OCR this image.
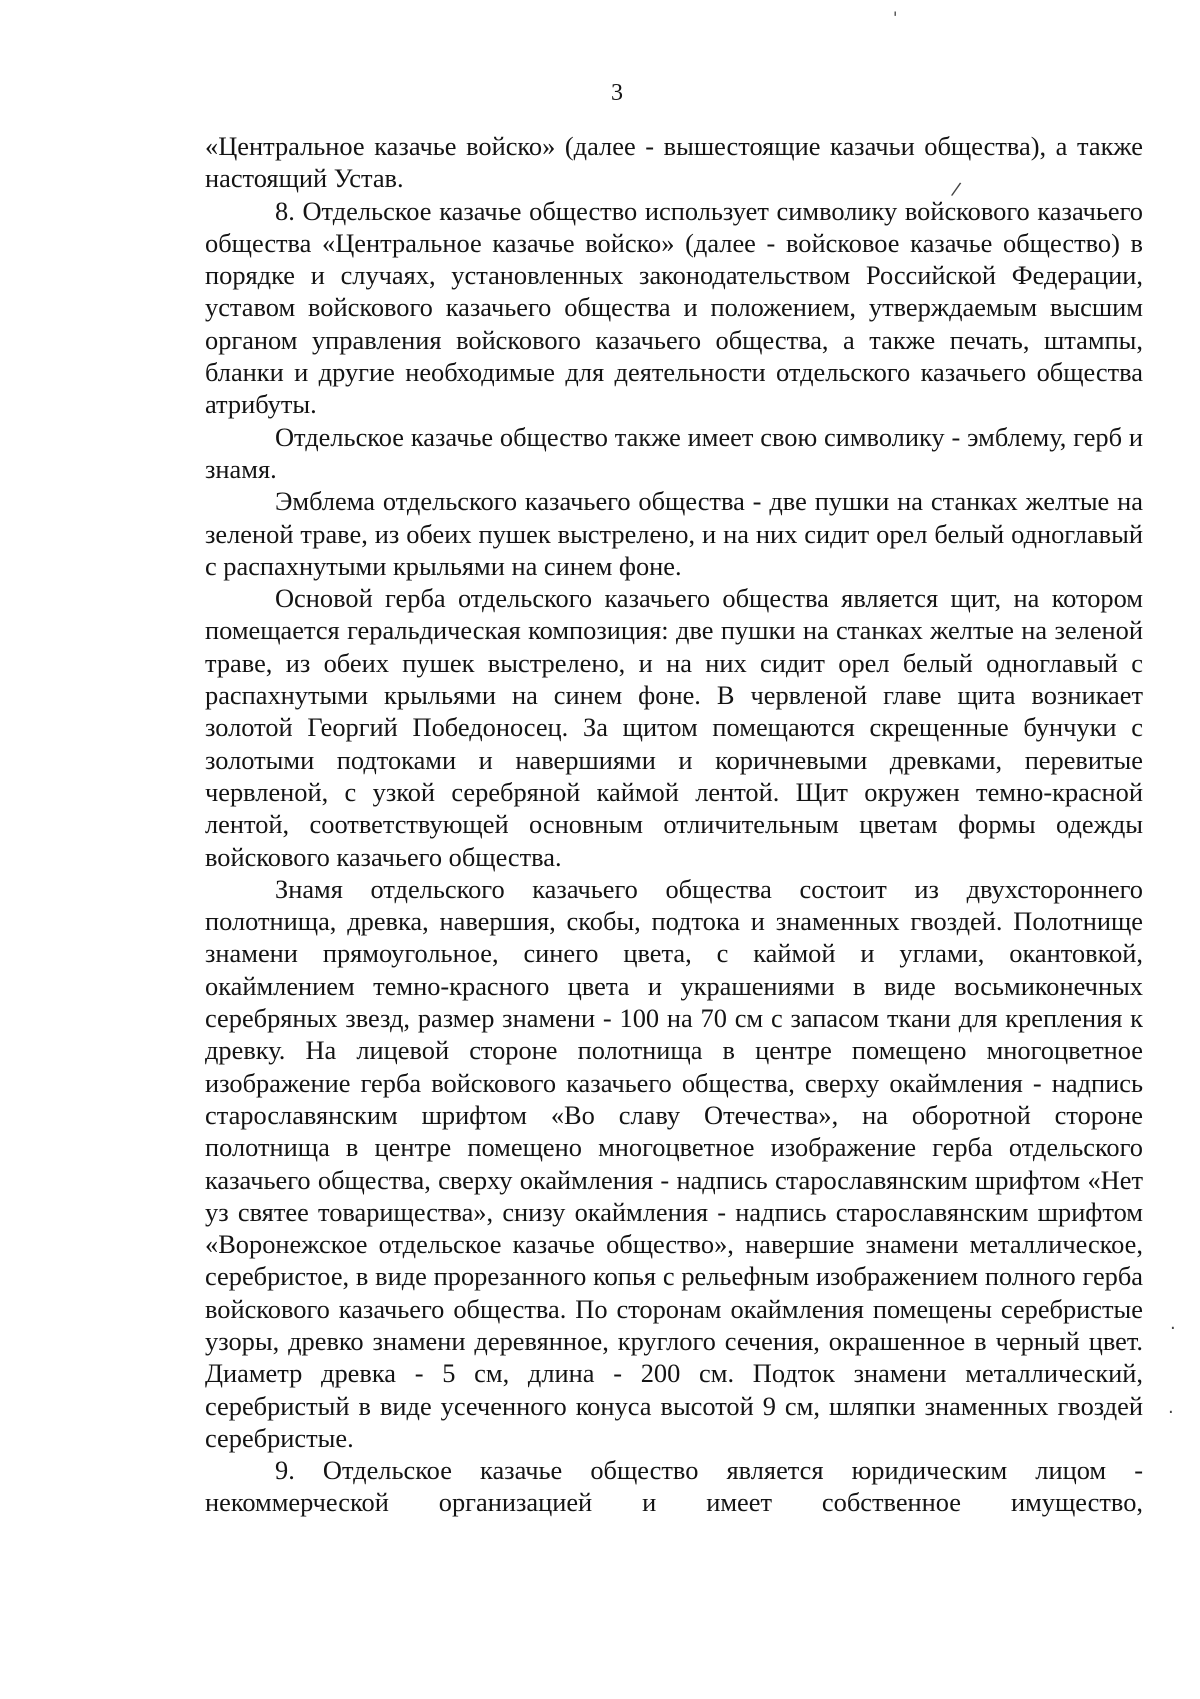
'
3
/

«Центральное казачье войско» (далее - вышестоящие казачьи общества), а также настоящий Устав.

8. Отдельское казачье общество использует символику войскового казачьего общества «Центральное казачье войско» (далее - войсковое казачье общество) в порядке и случаях, установленных законодательством Российской Федерации, уставом войскового казачьего общества и положением, утверждаемым высшим органом управления войскового казачьего общества, а также печать, штампы, бланки и другие необходимые для деятельности отдельского казачьего общества атрибуты.

Отдельское казачье общество также имеет свою символику - эмблему, герб и знамя.

Эмблема отдельского казачьего общества - две пушки на станках желтые на зеленой траве, из обеих пушек выстрелено, и на них сидит орел белый одноглавый с распахнутыми крыльями на синем фоне.

Основой герба отдельского казачьего общества является щит, на котором помещается геральдическая композиция: две пушки на станках желтые на зеленой траве, из обеих пушек выстрелено, и на них сидит орел белый одноглавый с распахнутыми крыльями на синем фоне. В червленой главе щита возникает золотой Георгий Победоносец. За щитом помещаются скрещенные бунчуки с золотыми подтоками и навершиями и коричневыми древками, перевитые червленой, с узкой серебряной каймой лентой. Щит окружен темно-красной лентой, соответствующей основным отличительным цветам формы одежды войскового казачьего общества.

Знамя отдельского казачьего общества состоит из двухстороннего полотнища, древка, навершия, скобы, подтока и знаменных гвоздей. Полотнище знамени прямоугольное, синего цвета, с каймой и углами, окантовкой, окаймлением темно-красного цвета и украшениями в виде восьмиконечных серебряных звезд, размер знамени - 100 на 70 см с запасом ткани для крепления к древку. На лицевой стороне полотнища в центре помещено многоцветное изображение герба войскового казачьего общества, сверху окаймления - надпись старославянским шрифтом «Во славу Отечества», на оборотной стороне полотнища в центре помещено многоцветное изображение герба отдельского казачьего общества, сверху окаймления - надпись старославянским шрифтом «Нет уз святее товарищества», снизу окаймления - надпись старославянским шрифтом «Воронежское отдельское казачье общество», навершие знамени металлическое, серебристое, в виде прорезанного копья с рельефным изображением полного герба войскового казачьего общества. По сторонам окаймления помещены серебристые узоры, древко знамени деревянное, круглого сечения, окрашенное в черный цвет. Диаметр древка - 5 см, длина - 200 см. Подток знамени металлический, серебристый в виде усеченного конуса высотой 9 см, шляпки знаменных гвоздей серебристые.

9. Отдельское казачье общество является юридическим лицом - некоммерческой организацией и имеет собственное имущество,

·
·
